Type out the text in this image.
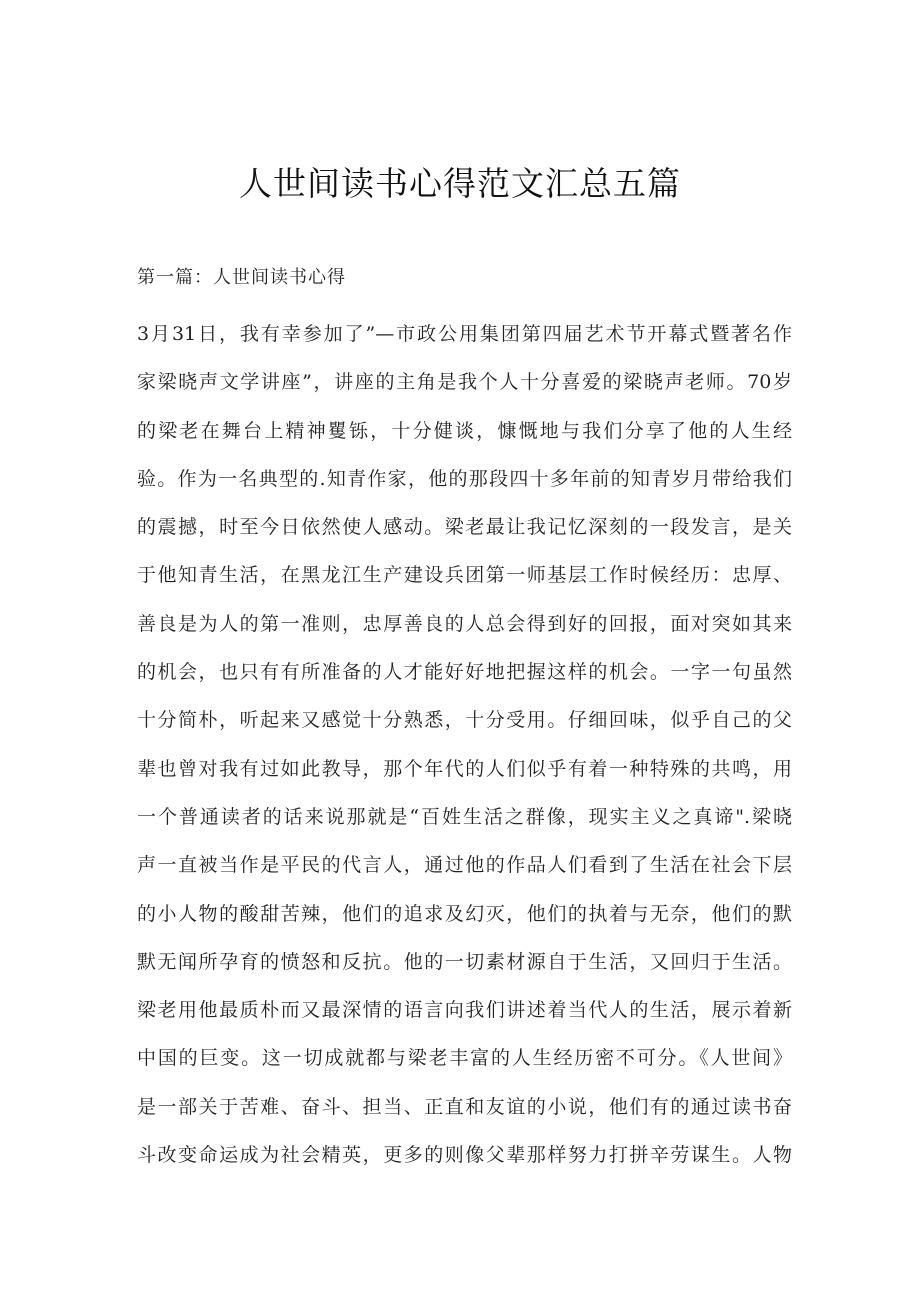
人世间读书心得范文汇总五篇

第一篇：人世间读书心得

3月31日，我有幸参加了”—市政公用集团第四届艺术节开幕式暨著名作
家梁晓声文学讲座”，讲座的主角是我个人十分喜爱的梁晓声老师。70岁
的梁老在舞台上精神矍铄，十分健谈，慷慨地与我们分享了他的人生经
验。作为一名典型的.知青作家，他的那段四十多年前的知青岁月带给我们
的震撼，时至今日依然使人感动。梁老最让我记忆深刻的一段发言，是关
于他知青生活，在黑龙江生产建设兵团第一师基层工作时候经历：忠厚、
善良是为人的第一准则，忠厚善良的人总会得到好的回报，面对突如其来
的机会，也只有有所准备的人才能好好地把握这样的机会。一字一句虽然
十分简朴，听起来又感觉十分熟悉，十分受用。仔细回味，似乎自己的父
辈也曾对我有过如此教导，那个年代的人们似乎有着一种特殊的共鸣，用
一个普通读者的话来说那就是“百姓生活之群像，现实主义之真谛".梁晓
声一直被当作是平民的代言人，通过他的作品人们看到了生活在社会下层
的小人物的酸甜苦辣，他们的追求及幻灭，他们的执着与无奈，他们的默
默无闻所孕育的愤怒和反抗。他的一切素材源自于生活，又回归于生活。
梁老用他最质朴而又最深情的语言向我们讲述着当代人的生活，展示着新
中国的巨变。这一切成就都与梁老丰富的人生经历密不可分。《人世间》
是一部关于苦难、奋斗、担当、正直和友谊的小说，他们有的通过读书奋
斗改变命运成为社会精英，更多的则像父辈那样努力打拼辛劳谋生。人物
